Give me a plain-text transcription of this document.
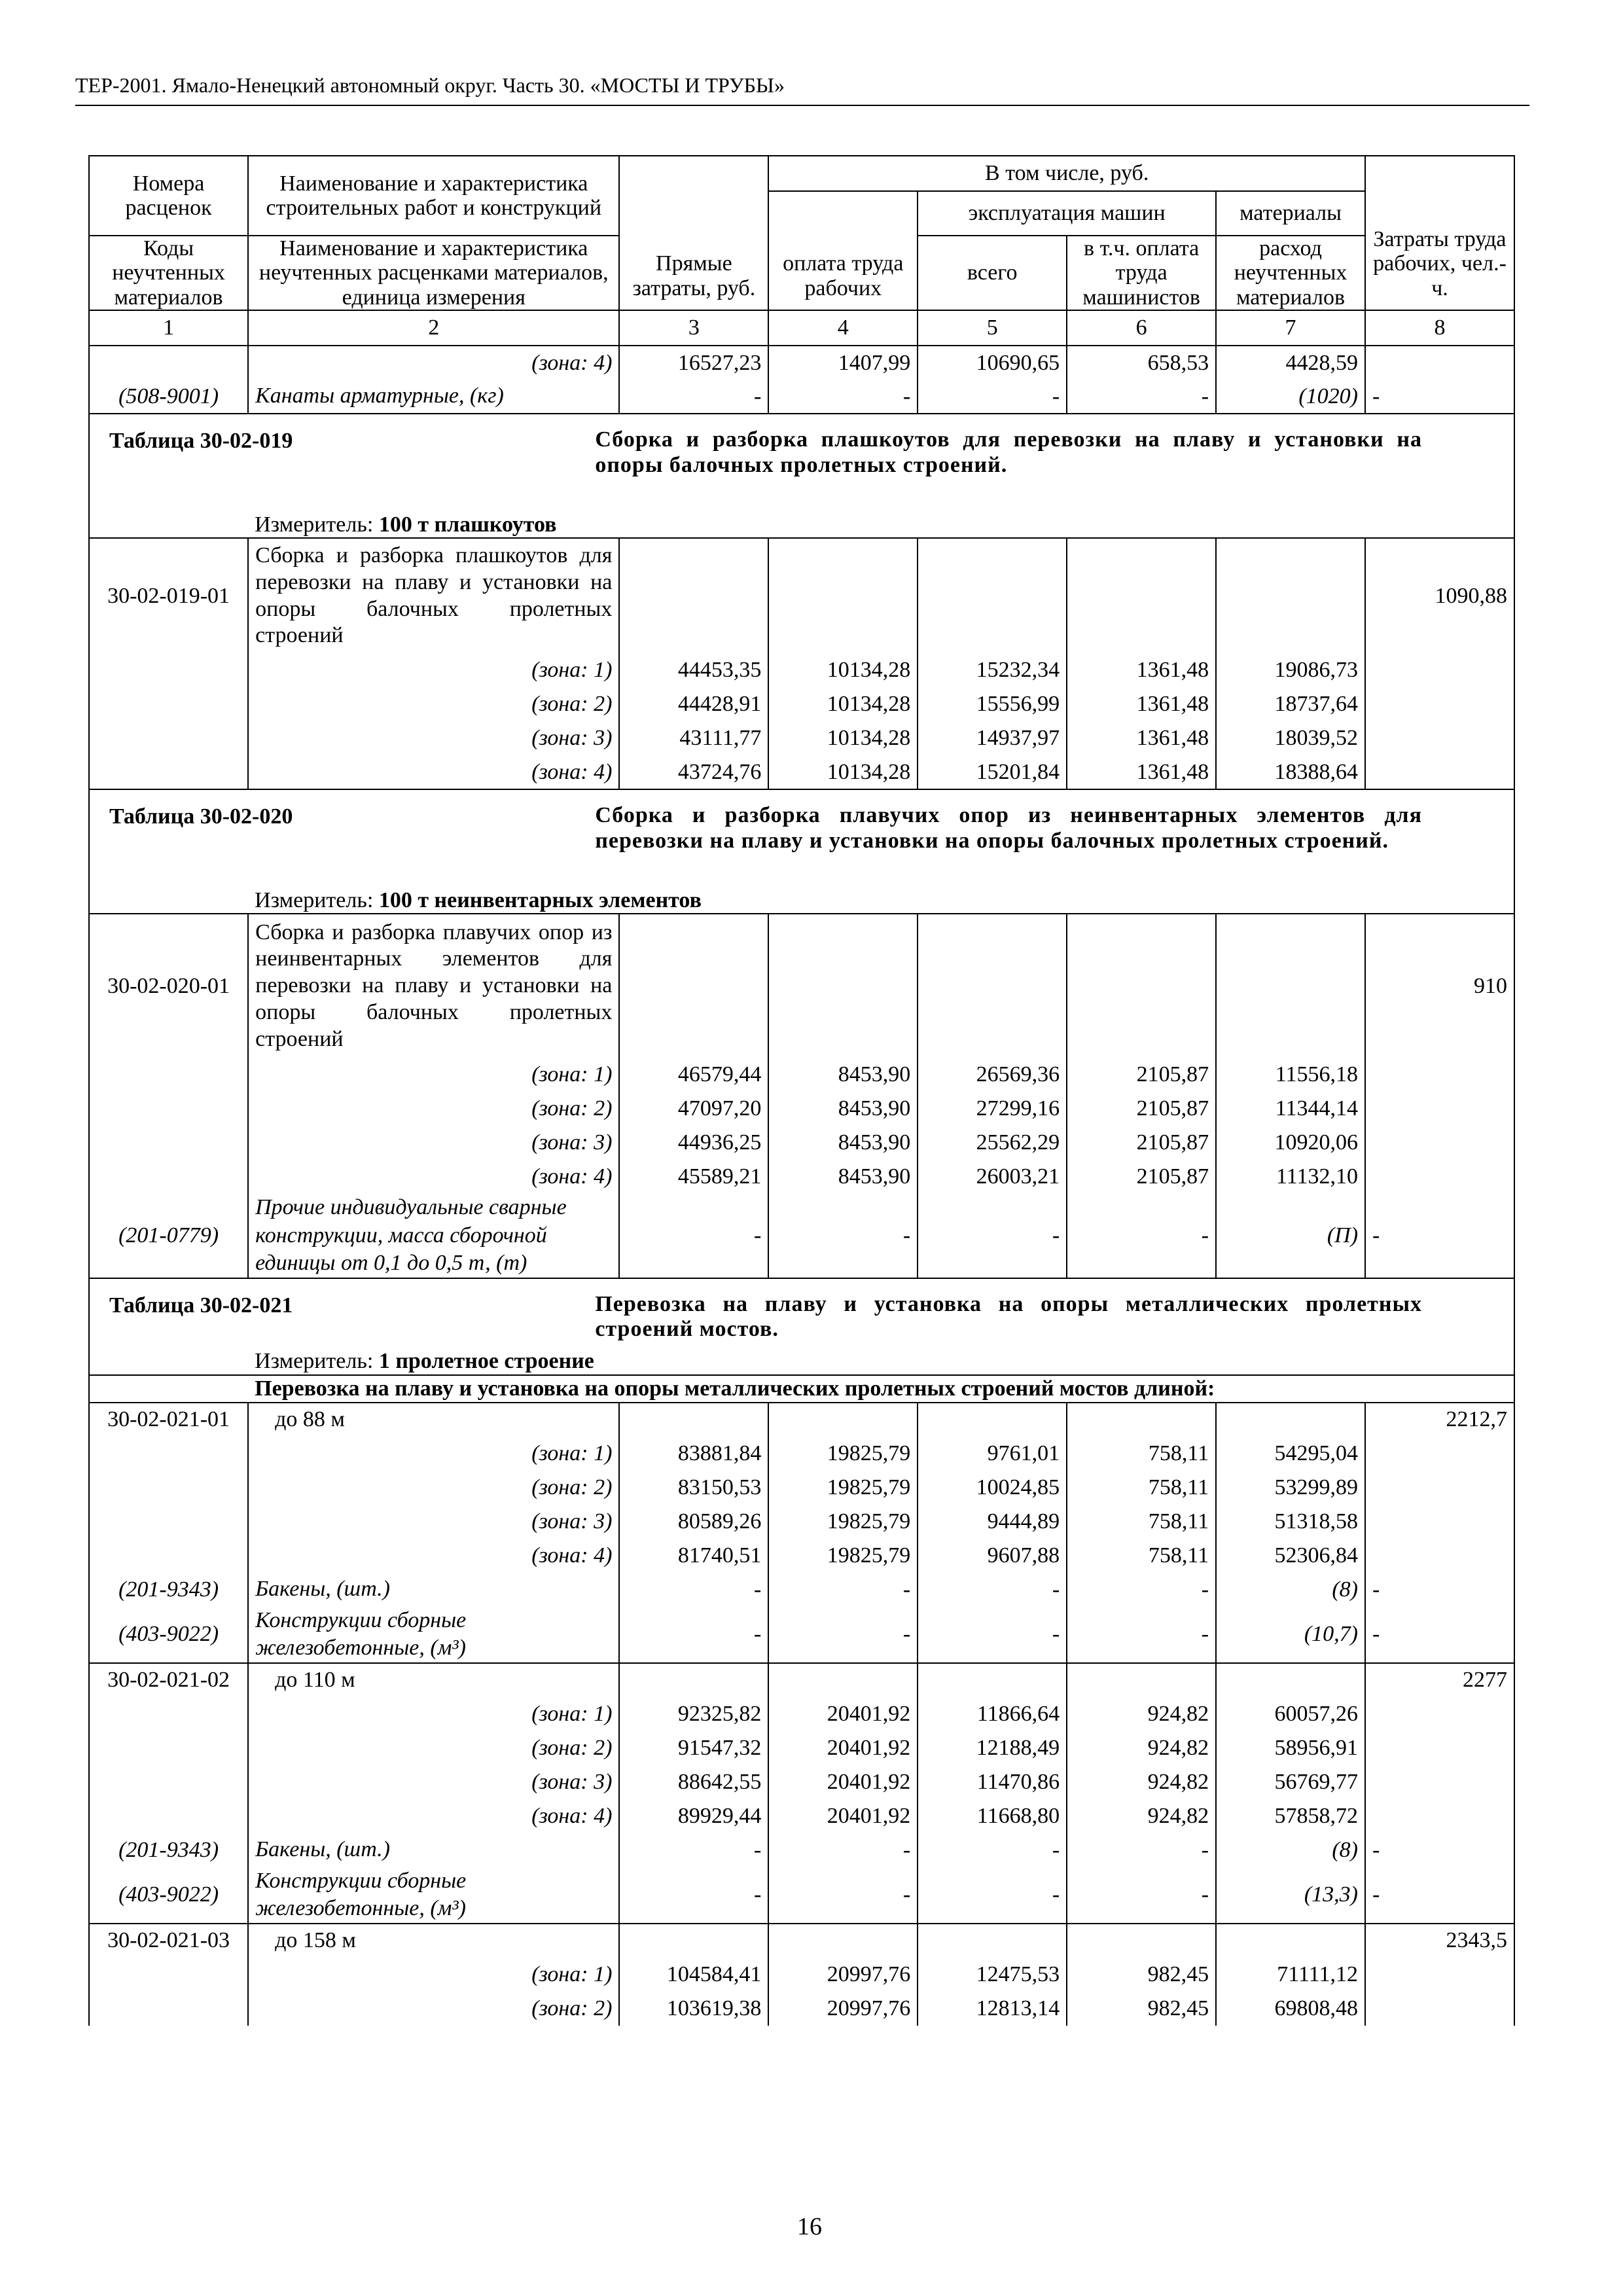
ТЕР-2001. Ямало-Ненецкий автономный округ. Часть 30. «МОСТЫ И ТРУБЫ»
Номера расценок	Наименование и характеристика строительных работ и конструкций	Прямые затраты, руб.	В том числе, руб.				Затраты труда рабочих, чел.-ч.
			оплата труда рабочих	эксплуатация машин		материалы	
Коды неучтенных материалов	Наименование и характеристика неучтенных расценками материалов, единица измерения			всего	в т.ч. оплата труда машинистов	расход неучтенных материалов	
1	2	3	4	5	6	7	8
	(зона: 4)	16527,23	1407,99	10690,65	658,53	4428,59	
(508-9001)	Канаты арматурные, (кг)	-	-	-	-	(1020)	-
Таблица 30-02-019			Сборка и разборка плашкоутов для перевозки на плаву и установки на опоры балочных пролетных строений.				

	Измеритель: 100 т плашкоутов						
30-02-019-01	Сборка и разборка плашкоутов для перевозки на плаву и установки на опоры балочных пролетных строений						1090,88
	(зона: 1)	44453,35	10134,28	15232,34	1361,48	19086,73	
	(зона: 2)	44428,91	10134,28	15556,99	1361,48	18737,64	
	(зона: 3)	43111,77	10134,28	14937,97	1361,48	18039,52	
	(зона: 4)	43724,76	10134,28	15201,84	1361,48	18388,64	
Таблица 30-02-020			Сборка и разборка плавучих опор из неинвентарных элементов для перевозки на плаву и установки на опоры балочных пролетных строений.				

	Измеритель: 100 т неинвентарных элементов						
30-02-020-01	Сборка и разборка плавучих опор из неинвентарных элементов для перевозки на плаву и установки на опоры балочных пролетных строений						910
	(зона: 1)	46579,44	8453,90	26569,36	2105,87	11556,18	
	(зона: 2)	47097,20	8453,90	27299,16	2105,87	11344,14	
	(зона: 3)	44936,25	8453,90	25562,29	2105,87	10920,06	
	(зона: 4)	45589,21	8453,90	26003,21	2105,87	11132,10	
(201-0779)	Прочие индивидуальные сварные конструкции, масса сборочной единицы от 0,1 до 0,5 т, (т)	-	-	-	-	(П)	-
Таблица 30-02-021			Перевозка на плаву и установка на опоры металлических пролетных строений мостов.				

	Измеритель: 1 пролетное строение						
	Перевозка на плаву и установка на опоры металлических пролетных строений мостов длиной:						
30-02-021-01	до 88 м						2212,7
	(зона: 1)	83881,84	19825,79	9761,01	758,11	54295,04	
	(зона: 2)	83150,53	19825,79	10024,85	758,11	53299,89	
	(зона: 3)	80589,26	19825,79	9444,89	758,11	51318,58	
	(зона: 4)	81740,51	19825,79	9607,88	758,11	52306,84	
(201-9343)	Бакены, (шт.)	-	-	-	-	(8)	-
(403-9022)	Конструкции сборные железобетонные, (м³)	-	-	-	-	(10,7)	-
30-02-021-02	до 110 м						2277
	(зона: 1)	92325,82	20401,92	11866,64	924,82	60057,26	
	(зона: 2)	91547,32	20401,92	12188,49	924,82	58956,91	
	(зона: 3)	88642,55	20401,92	11470,86	924,82	56769,77	
	(зона: 4)	89929,44	20401,92	11668,80	924,82	57858,72	
(201-9343)	Бакены, (шт.)	-	-	-	-	(8)	-
(403-9022)	Конструкции сборные железобетонные, (м³)	-	-	-	-	(13,3)	-
30-02-021-03	до 158 м						2343,5
	(зона: 1)	104584,41	20997,76	12475,53	982,45	71111,12	
	(зона: 2)	103619,38	20997,76	12813,14	982,45	69808,48	
16
